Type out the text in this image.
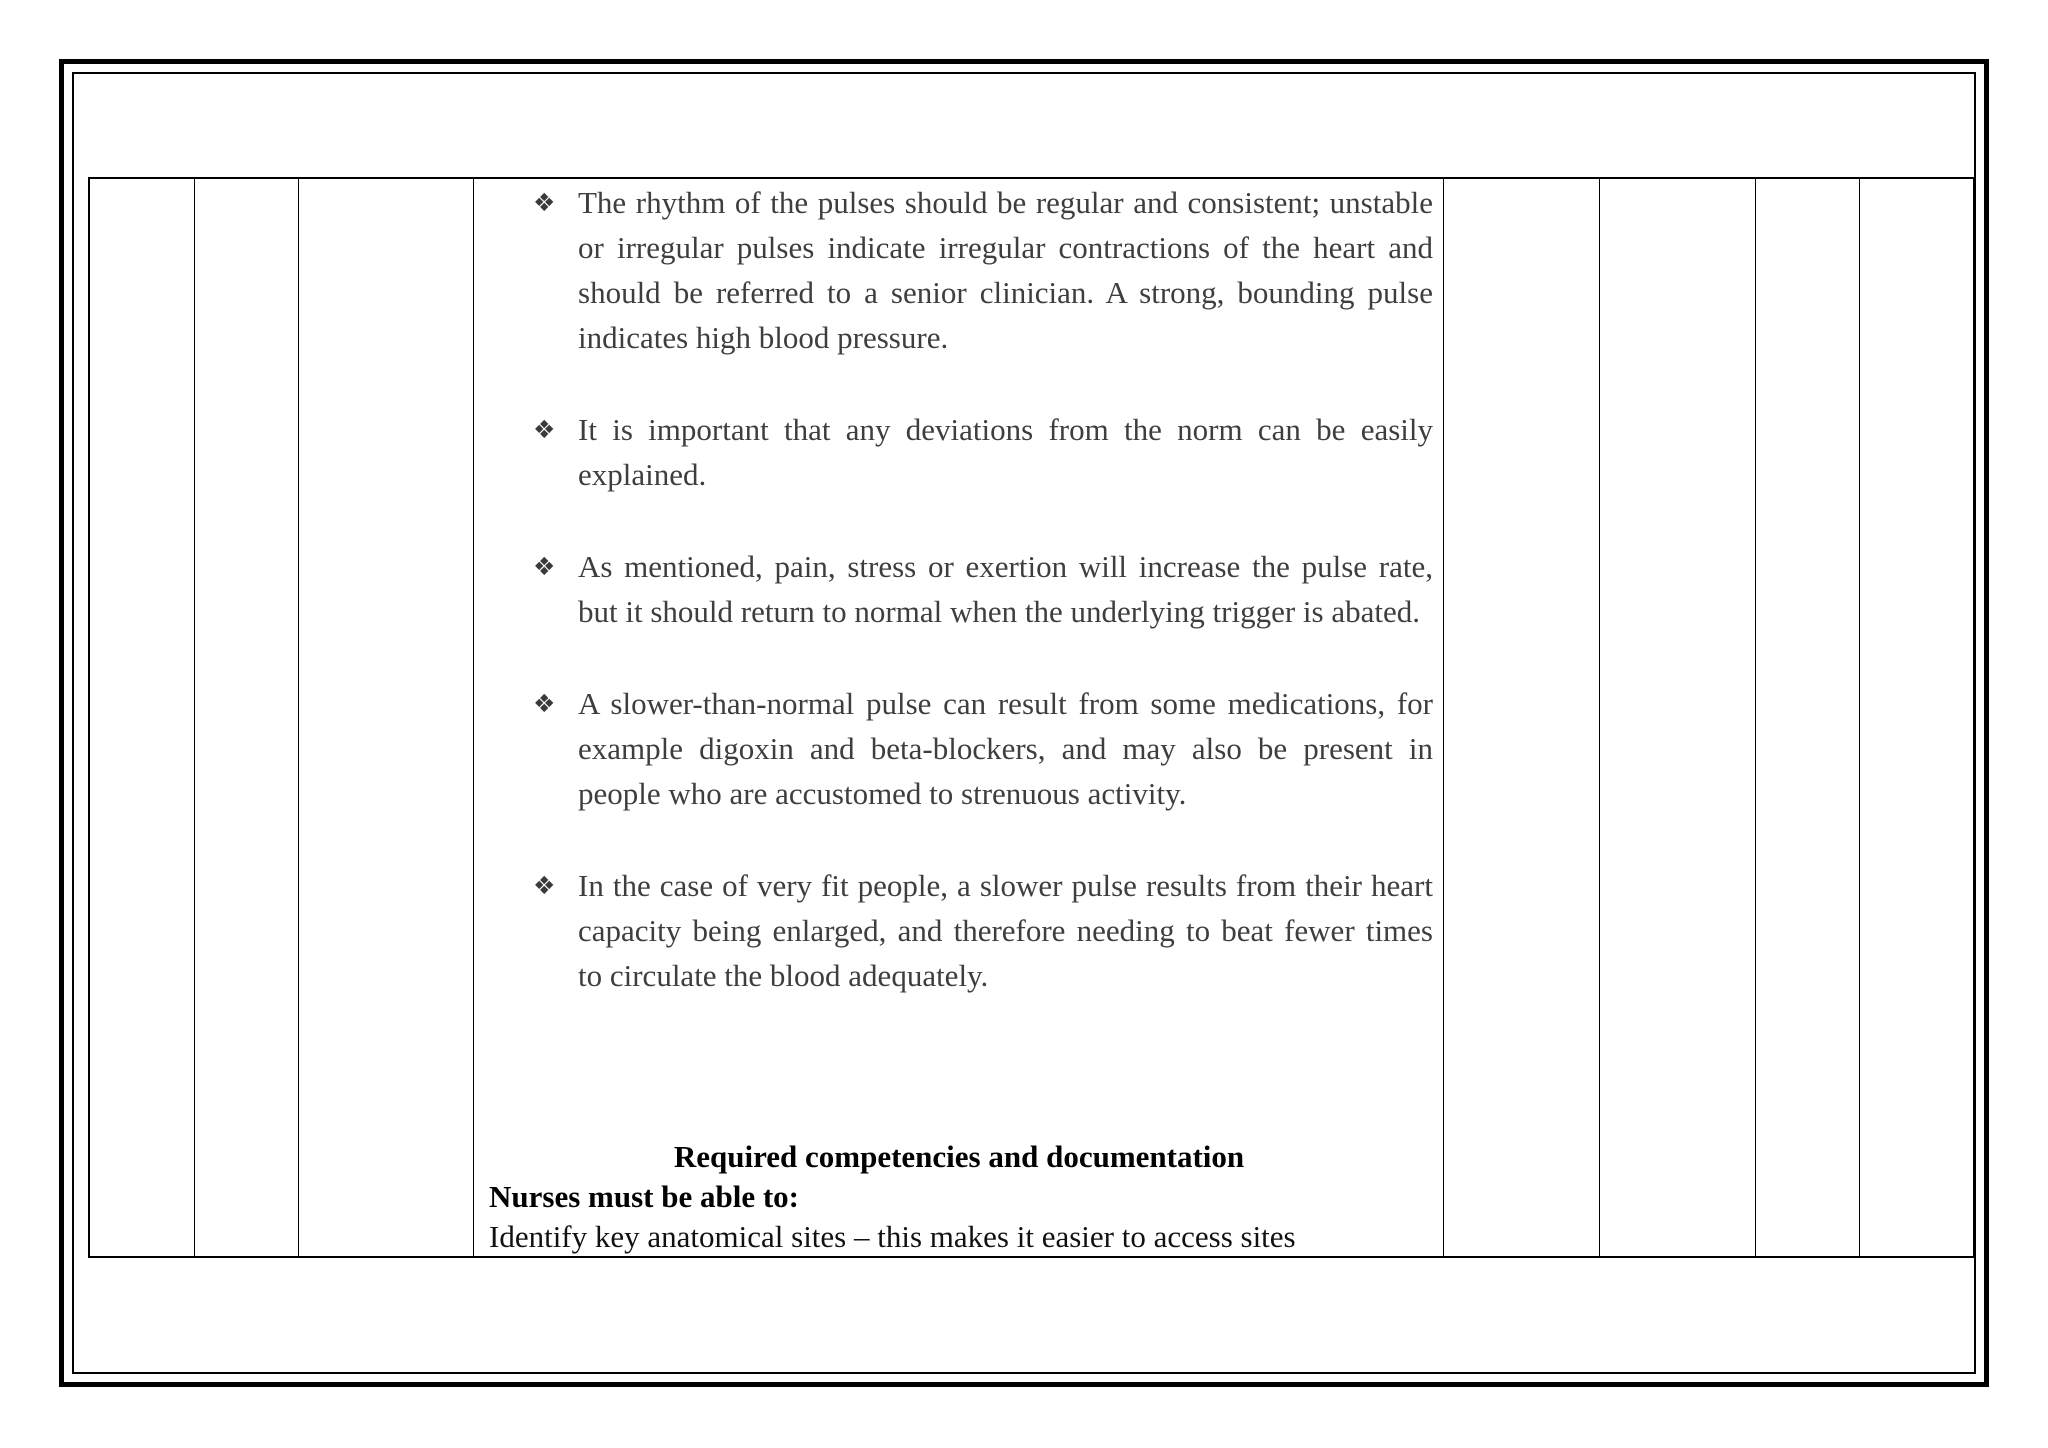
❖ The rhythm of the pulses should be regular and consistent; unstable or irregular pulses indicate irregular contractions of the heart and should be referred to a senior clinician. A strong, bounding pulse indicates high blood pressure.
❖ It is important that any deviations from the norm can be easily explained.
❖ As mentioned, pain, stress or exertion will increase the pulse rate, but it should return to normal when the underlying trigger is abated.
❖ A slower-than-normal pulse can result from some medications, for example digoxin and beta-blockers, and may also be present in people who are accustomed to strenuous activity.
❖ In the case of very fit people, a slower pulse results from their heart capacity being enlarged, and therefore needing to beat fewer times to circulate the blood adequately.
Required competencies and documentation

Nurses must be able to:

Identify key anatomical sites – this makes it easier to access sites
